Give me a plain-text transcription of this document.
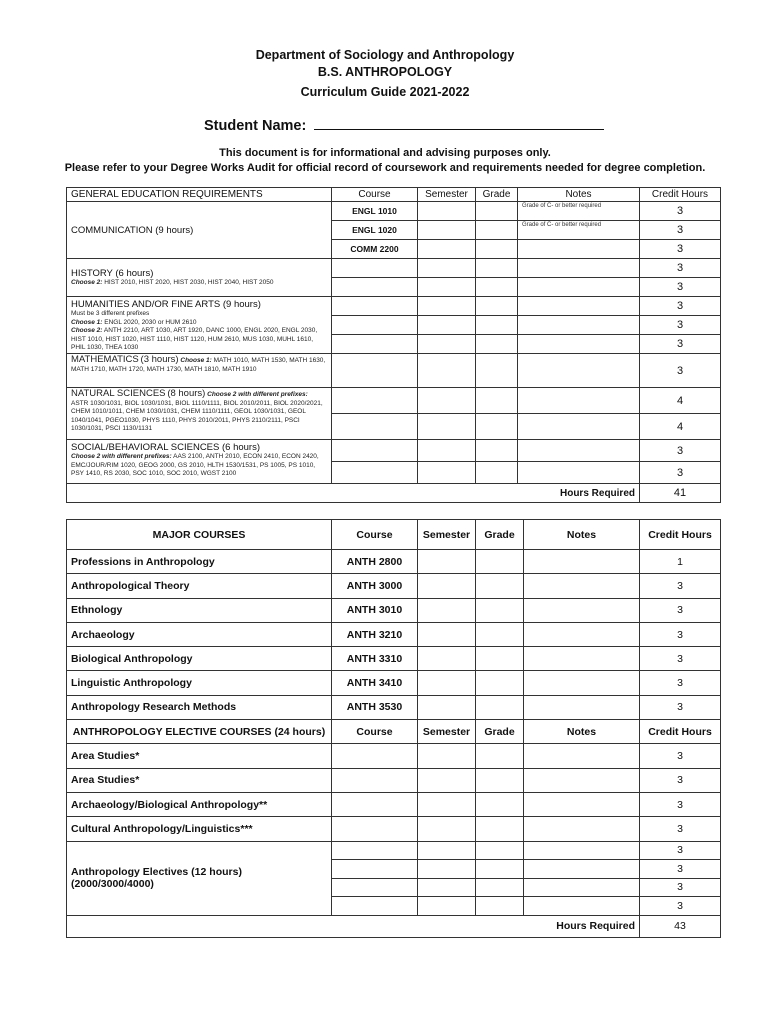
Department of Sociology and Anthropology
B.S. ANTHROPOLOGY
Curriculum Guide 2021-2022
Student Name:
This document is for informational and advising purposes only.
Please refer to your Degree Works Audit for official record of coursework and requirements needed for degree completion.
GENERAL EDUCATION REQUIREMENTS	Course	Semester	Grade	Notes	Credit Hours
COMMUNICATION (9 hours)	ENGL 1010			Grade of C- or better required	3
	ENGL 1020			Grade of C- or better required	3
	COMM 2200				3

HISTORY (6 hours)
Choose 2: HIST 2010, HIST 2020, HIST 2030, HIST 2040, HIST 2050					3
					3

HUMANITIES AND/OR FINE ARTS (9 hours)
Must be 3 different prefixes
Choose 1: ENGL 2020, 2030 or HUM 2610
Choose 2: ANTH 2210, ART 1030, ART 1920, DANC 1000, ENGL 2020, ENGL 2030, HIST 1010, HIST 1020, HIST 1110, HIST 1120, HUM 2610, MUS 1030, MUHL 1610, PHIL 1030, THEA 1030					3
					3
					3

MATHEMATICS (3 hours) Choose 1: MATH 1010, MATH 1530, MATH 1630, MATH 1710, MATH 1720, MATH 1730, MATH 1810, MATH 1910					3

NATURAL SCIENCES (8 hours) Choose 2 with different prefixes:
ASTR 1030/1031, BIOL 1030/1031, BIOL 1110/1111, BIOL 2010/2011, BIOL 2020/2021, CHEM 1010/1011, CHEM 1030/1031, CHEM 1110/1111, GEOL 1030/1031, GEOL 1040/1041, PGEO1030, PHYS 1110, PHYS 2010/2011, PHYS 2110/2111, PSCI 1030/1031, PSCI 1130/1131					4
					4

SOCIAL/BEHAVIORAL SCIENCES (6 hours)
Choose 2 with different prefixes: AAS 2100, ANTH 2010, ECON 2410, ECON 2420, EMC/JOUR/RIM 1020, GEOG 2000, GS 2010, HLTH 1530/1531, PS 1005, PS 1010, PSY 1410, RS 2030, SOC 1010, SOC 2010, WGST 2100					3
					3
Hours Required					41
MAJOR COURSES	Course	Semester	Grade	Notes	Credit Hours
Professions in Anthropology	ANTH 2800				1
Anthropological Theory	ANTH 3000				3
Ethnology	ANTH 3010				3
Archaeology	ANTH 3210				3
Biological Anthropology	ANTH 3310				3
Linguistic Anthropology	ANTH 3410				3
Anthropology Research Methods	ANTH 3530				3
ANTHROPOLOGY ELECTIVE COURSES (24 hours)	Course	Semester	Grade	Notes	Credit Hours
Area Studies*					3
Area Studies*					3
Archaeology/Biological Anthropology**					3
Cultural Anthropology/Linguistics***					3
Anthropology Electives (12 hours) (2000/3000/4000)					3
					3
					3
					3
Hours Required					43
